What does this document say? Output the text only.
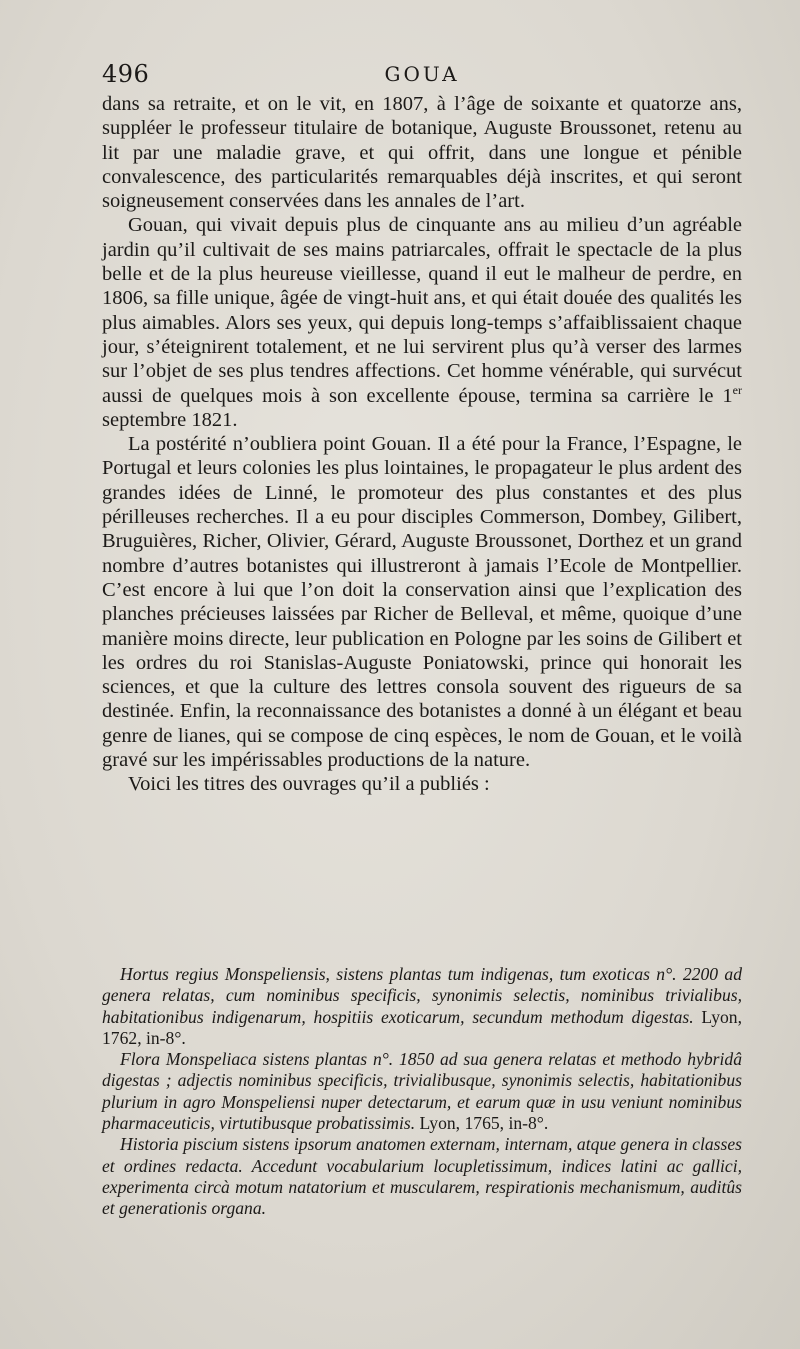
496	GOUA

dans sa retraite, et on le vit, en 1807, à l’âge de soixante et quatorze ans, suppléer le professeur titulaire de botanique, Auguste Broussonet, retenu au lit par une maladie grave, et qui offrit, dans une longue et pénible convalescence, des particularités remarquables déjà inscrites, et qui seront soigneusement conservées dans les annales de l’art.

Gouan, qui vivait depuis plus de cinquante ans au milieu d’un agréable jardin qu’il cultivait de ses mains patriarcales, offrait le spectacle de la plus belle et de la plus heureuse vieillesse, quand il eut le malheur de perdre, en 1806, sa fille unique, âgée de vingt-huit ans, et qui était douée des qualités les plus aimables. Alors ses yeux, qui depuis long-temps s’affaiblissaient chaque jour, s’éteignirent totalement, et ne lui servirent plus qu’à verser des larmes sur l’objet de ses plus tendres affections. Cet homme vénérable, qui survécut aussi de quelques mois à son excellente épouse, termina sa carrière le 1er septembre 1821.

La postérité n’oubliera point Gouan. Il a été pour la France, l’Espagne, le Portugal et leurs colonies les plus lointaines, le propagateur le plus ardent des grandes idées de Linné, le promoteur des plus constantes et des plus périlleuses recherches. Il a eu pour disciples Commerson, Dombey, Gilibert, Bruguières, Richer, Olivier, Gérard, Auguste Broussonet, Dorthez et un grand nombre d’autres botanistes qui illustreront à jamais l’Ecole de Montpellier. C’est encore à lui que l’on doit la conservation ainsi que l’explication des planches précieuses laissées par Richer de Belleval, et même, quoique d’une manière moins directe, leur publication en Pologne par les soins de Gilibert et les ordres du roi Stanislas-Auguste Poniatowski, prince qui honorait les sciences, et que la culture des lettres consola souvent des rigueurs de sa destinée. Enfin, la reconnaissance des botanistes a donné à un élégant et beau genre de lianes, qui se compose de cinq espèces, le nom de Gouan, et le voilà gravé sur les impérissables productions de la nature.

Voici les titres des ouvrages qu’il a publiés :

Hortus regius Monspeliensis, sistens plantas tum indigenas, tum exoticas n°. 2200 ad genera relatas, cum nominibus specificis, synonimis selectis, nominibus trivialibus, habitationibus indigenarum, hospitiis exoticarum, secundum methodum digestas. Lyon, 1762, in-8°.

Flora Monspeliaca sistens plantas n°. 1850 ad sua genera relatas et methodo hybridâ digestas ; adjectis nominibus specificis, trivialibusque, synonimis selectis, habitationibus plurium in agro Monspeliensi nuper detectarum, et earum quæ in usu veniunt nominibus pharmaceuticis, virtutibusque probatissimis. Lyon, 1765, in-8°.

Historia piscium sistens ipsorum anatomen externam, internam, atque genera in classes et ordines redacta. Accedunt vocabularium locupletissimum, indices latini ac gallici, experimenta circà motum natatorium et muscularem, respirationis mechanismum, auditûs et generationis organa.
